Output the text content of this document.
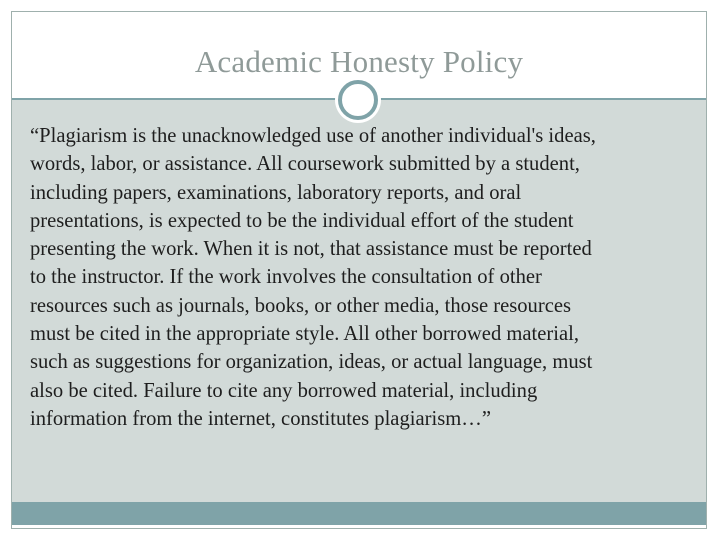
Academic Honesty Policy

“Plagiarism is the unacknowledged use of another individual's ideas,
words, labor, or assistance. All coursework submitted by a student,
including papers, examinations, laboratory reports, and oral
presentations, is expected to be the individual effort of the student
presenting the work. When it is not, that assistance must be reported
to the instructor. If the work involves the consultation of other
resources such as journals, books, or other media, those resources
must be cited in the appropriate style. All other borrowed material,
such as suggestions for organization, ideas, or actual language, must
also be cited. Failure to cite any borrowed material, including
information from the internet, constitutes plagiarism…”
